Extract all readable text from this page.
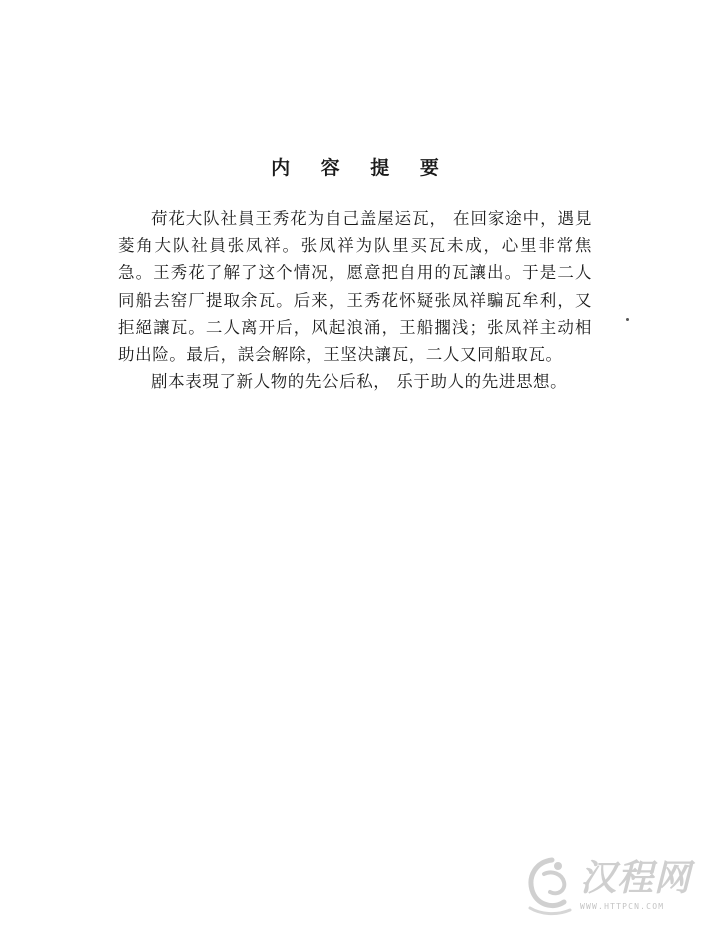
内 容 提 要

荷花大队社員王秀花为自己盖屋运瓦， 在回家途中，遇見菱角大队社員张凤祥。张凤祥为队里买瓦未成，心里非常焦急。王秀花了解了这个情况，愿意把自用的瓦讓出。于是二人同船去窑厂提取余瓦。后来，王秀花怀疑张凤祥騙瓦牟利，又拒絕讓瓦。二人离开后，风起浪涌，王船擱浅；张凤祥主动相助出险。最后，誤会解除，王坚决讓瓦，二人又同船取瓦。

剧本表現了新人物的先公后私， 乐于助人的先进思想。

汉程网
WWW.HTTPCN.COM
